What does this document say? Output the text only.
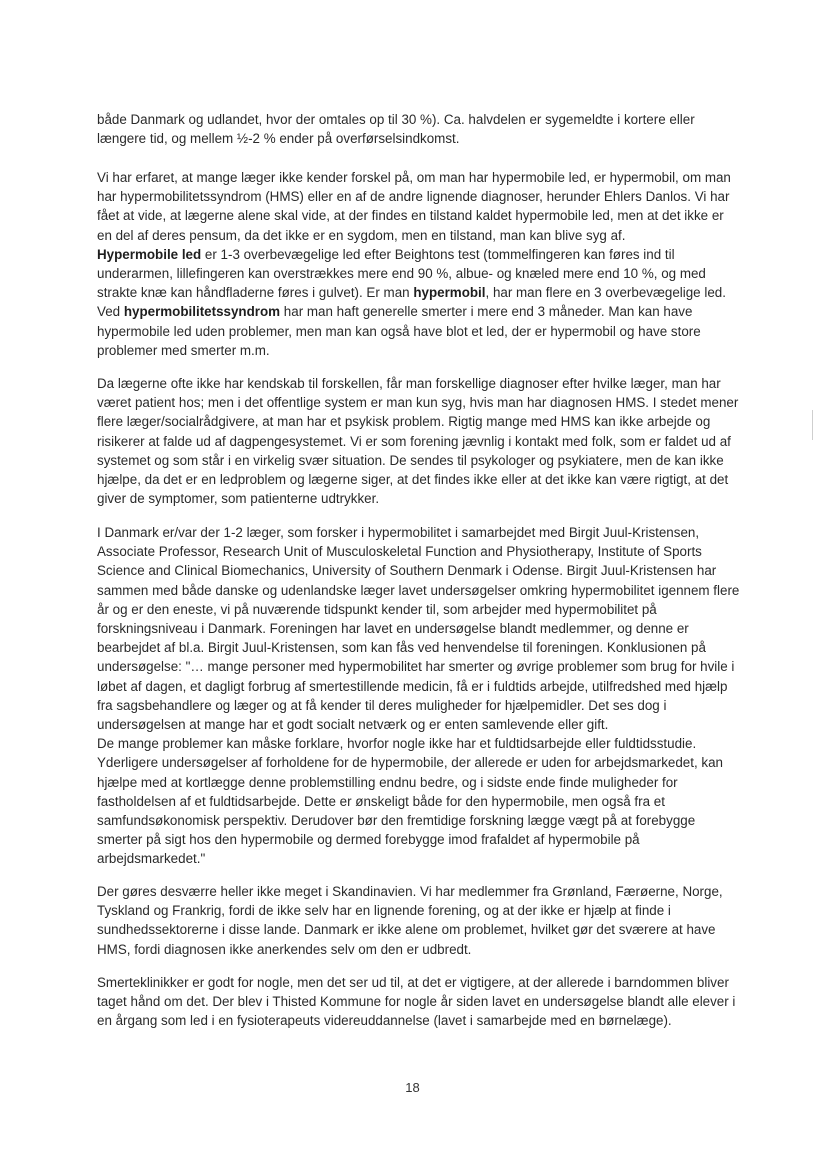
både Danmark og udlandet, hvor der omtales op til 30 %). Ca. halvdelen er sygemeldte i kortere eller længere tid, og mellem ½-2 % ender på overførselsindkomst.

Vi har erfaret, at mange læger ikke kender forskel på, om man har hypermobile led, er hypermobil, om man har hypermobilitetssyndrom (HMS) eller en af de andre lignende diagnoser, herunder Ehlers Danlos. Vi har fået at vide, at lægerne alene skal vide, at der findes en tilstand kaldet hypermobile led, men at det ikke er en del af deres pensum, da det ikke er en sygdom, men en tilstand, man kan blive syg af.
Hypermobile led er 1-3 overbevægelige led efter Beightons test (tommelfingeren kan føres ind til underarmen, lillefingeren kan overstrækkes mere end 90 %, albue- og knæled mere end 10 %, og med strakte knæ kan håndfladerne føres i gulvet). Er man hypermobil, har man flere en 3 overbevægelige led.
Ved hypermobilitetssyndrom har man haft generelle smerter i mere end 3 måneder. Man kan have hypermobile led uden problemer, men man kan også have blot et led, der er hypermobil og have store problemer med smerter m.m.

Da lægerne ofte ikke har kendskab til forskellen, får man forskellige diagnoser efter hvilke læger, man har været patient hos; men i det offentlige system er man kun syg, hvis man har diagnosen HMS. I stedet mener flere læger/socialrådgivere, at man har et psykisk problem. Rigtig mange med HMS kan ikke arbejde og risikerer at falde ud af dagpengesystemet. Vi er som forening jævnlig i kontakt med folk, som er faldet ud af systemet og som står i en virkelig svær situation. De sendes til psykologer og psykiatere, men de kan ikke hjælpe, da det er en ledproblem og lægerne siger, at det findes ikke eller at det ikke kan være rigtigt, at det giver de symptomer, som patienterne udtrykker.

I Danmark er/var der 1-2 læger, som forsker i hypermobilitet i samarbejdet med Birgit Juul-Kristensen, Associate Professor, Research Unit of Musculoskeletal Function and Physiotherapy, Institute of Sports Science and Clinical Biomechanics, University of Southern Denmark i Odense. Birgit Juul-Kristensen har sammen med både danske og udenlandske læger lavet undersøgelser omkring hypermobilitet igennem flere år og er den eneste, vi på nuværende tidspunkt kender til, som arbejder med hypermobilitet på forskningsniveau i Danmark. Foreningen har lavet en undersøgelse blandt medlemmer, og denne er bearbejdet af bl.a. Birgit Juul-Kristensen, som kan fås ved henvendelse til foreningen. Konklusionen på undersøgelse: "… mange personer med hypermobilitet har smerter og øvrige problemer som brug for hvile i løbet af dagen, et dagligt forbrug af smertestillende medicin, få er i fuldtids arbejde, utilfredshed med hjælp fra sagsbehandlere og læger og at få kender til deres muligheder for hjælpemidler. Det ses dog i undersøgelsen at mange har et godt socialt netværk og er enten samlevende eller gift.
De mange problemer kan måske forklare, hvorfor nogle ikke har et fuldtidsarbejde eller fuldtidsstudie. Yderligere undersøgelser af forholdene for de hypermobile, der allerede er uden for arbejdsmarkedet, kan hjælpe med at kortlægge denne problemstilling endnu bedre, og i sidste ende finde muligheder for fastholdelsen af et fuldtidsarbejde. Dette er ønskeligt både for den hypermobile, men også fra et samfundsøkonomisk perspektiv. Derudover bør den fremtidige forskning lægge vægt på at forebygge smerter på sigt hos den hypermobile og dermed forebygge imod frafaldet af hypermobile på arbejdsmarkedet."

Der gøres desværre heller ikke meget i Skandinavien. Vi har medlemmer fra Grønland, Færøerne, Norge, Tyskland og Frankrig, fordi de ikke selv har en lignende forening, og at der ikke er hjælp at finde i sundhedssektorerne i disse lande. Danmark er ikke alene om problemet, hvilket gør det sværere at have HMS, fordi diagnosen ikke anerkendes selv om den er udbredt.

Smerteklinikker er godt for nogle, men det ser ud til, at det er vigtigere, at der allerede i barndommen bliver taget hånd om det. Der blev i Thisted Kommune for nogle år siden lavet en undersøgelse blandt alle elever i en årgang som led i en fysioterapeuts videreuddannelse (lavet i samarbejde med en børnelæge).

18
